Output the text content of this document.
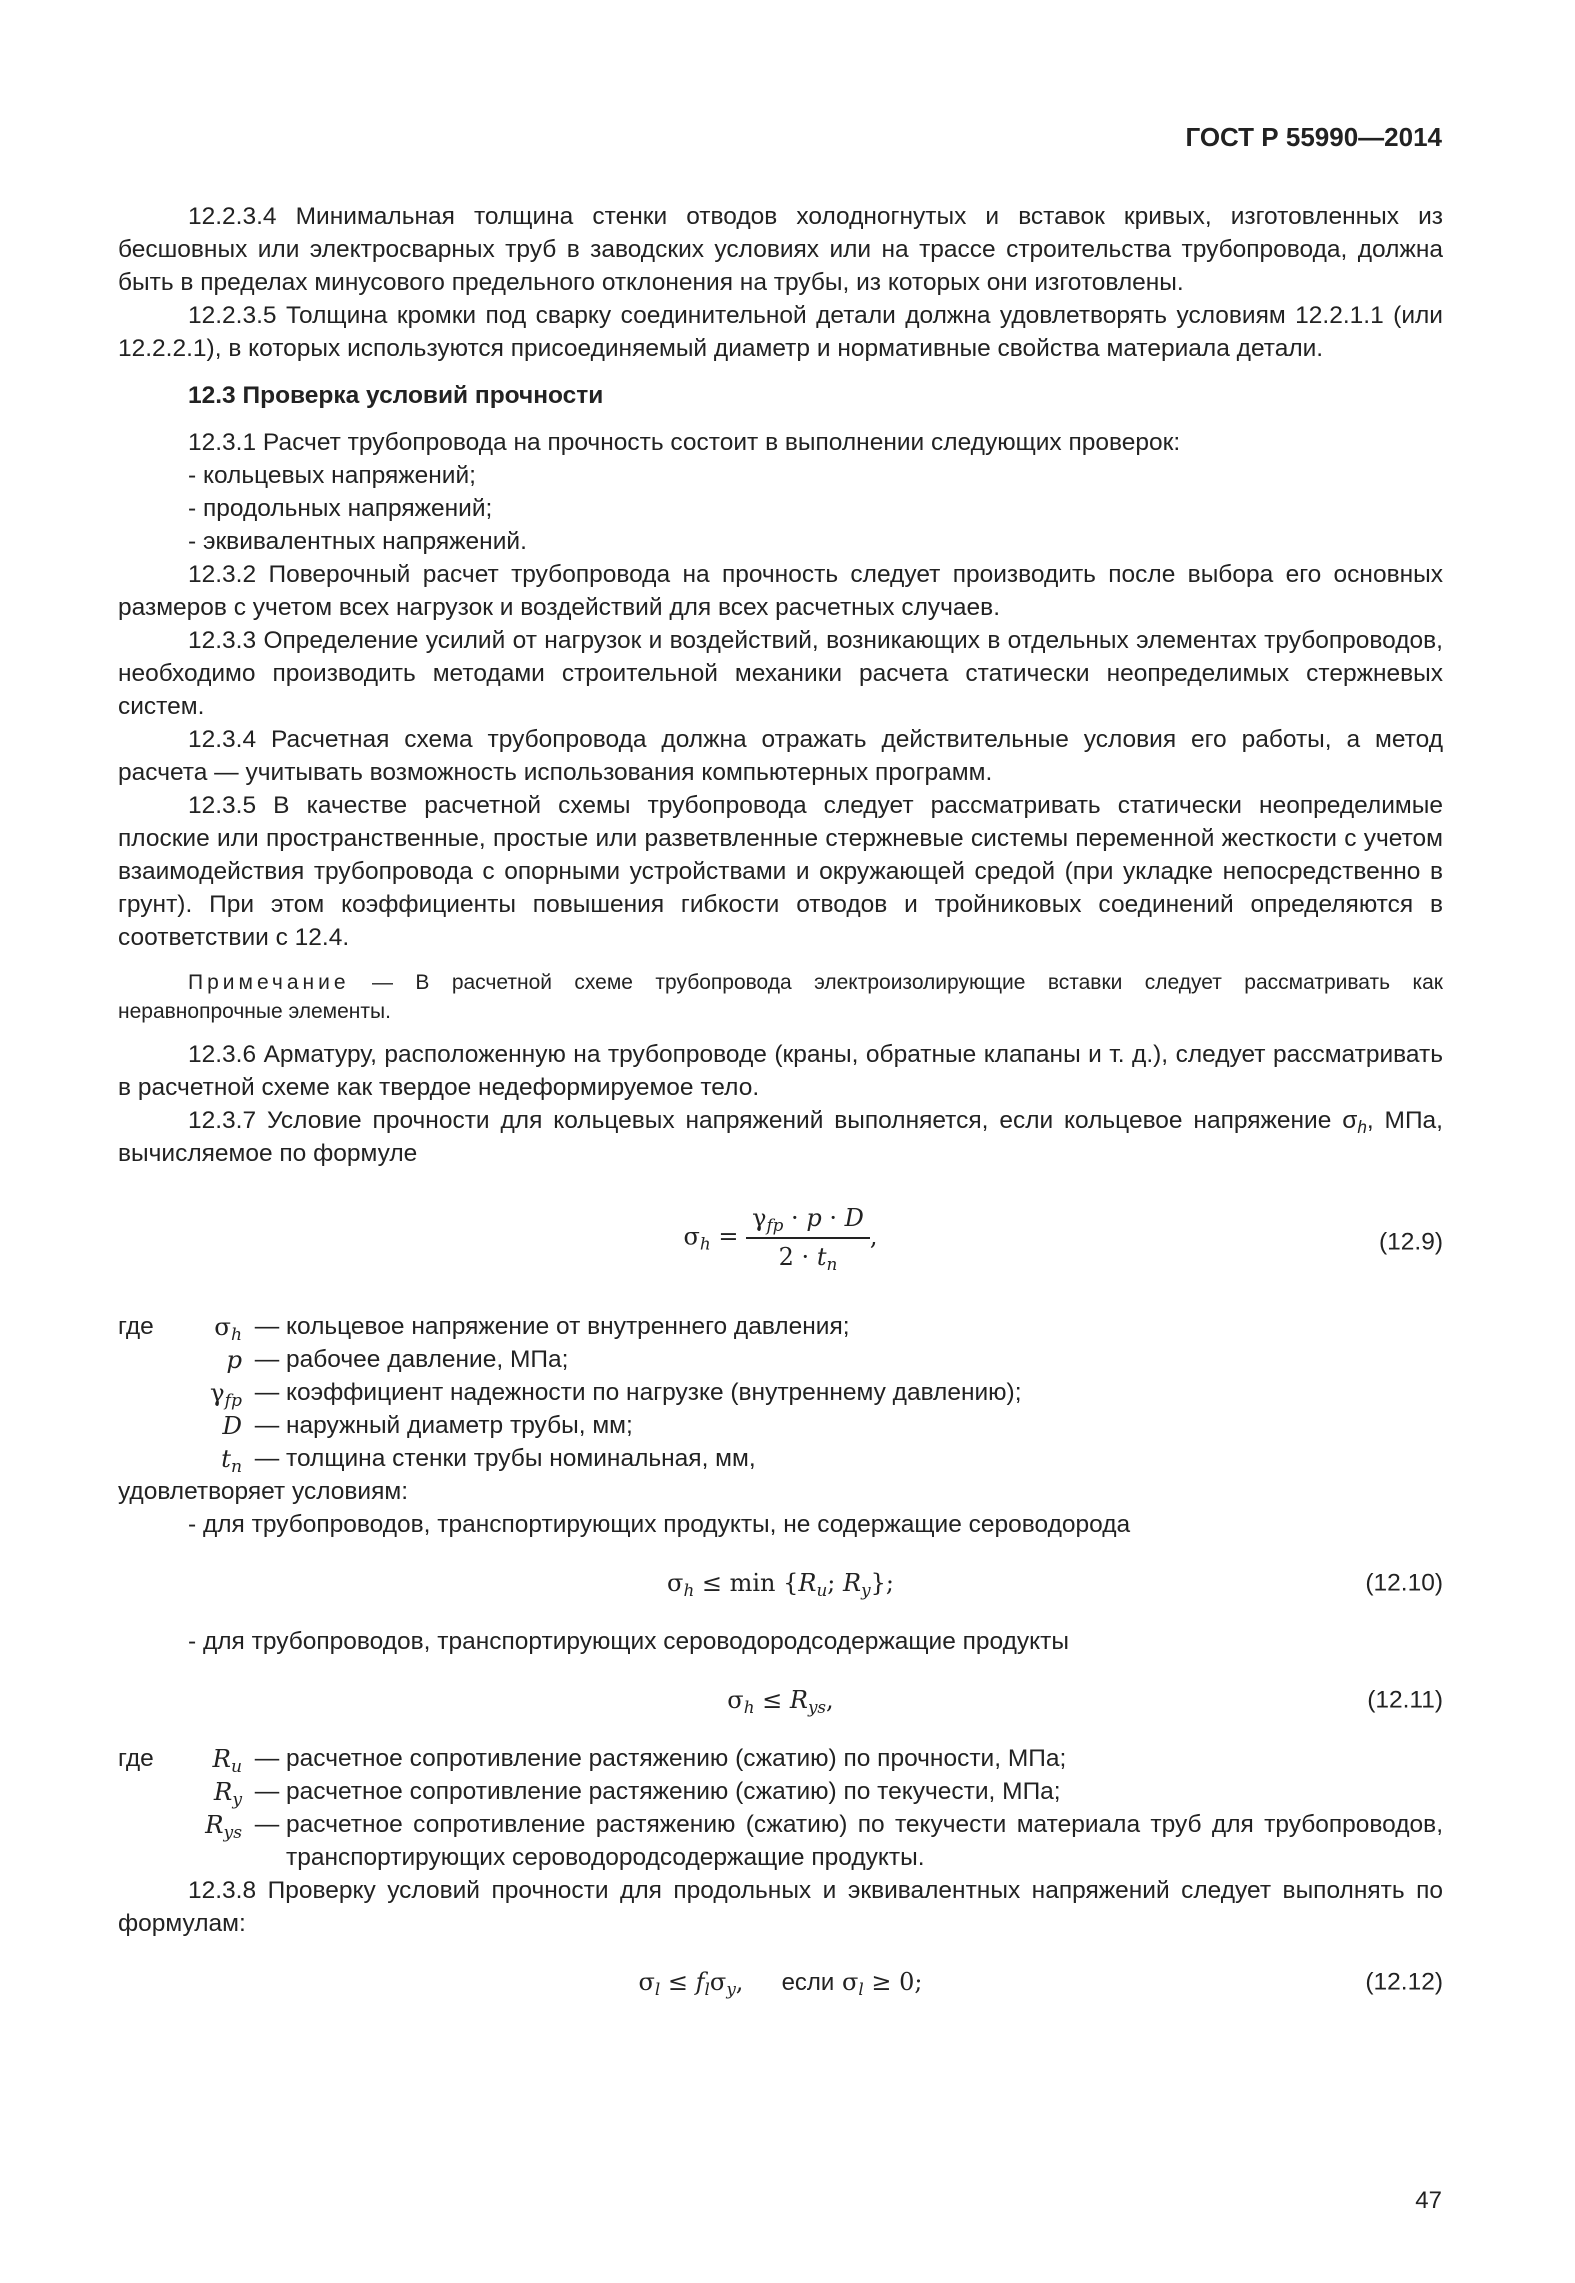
ГОСТ Р 55990—2014

12.2.3.4 Минимальная толщина стенки отводов холодногнутых и вставок кривых, изготовленных из бесшовных или электросварных труб в заводских условиях или на трассе строительства трубопровода, должна быть в пределах минусового предельного отклонения на трубы, из которых они изготовлены.

12.2.3.5 Толщина кромки под сварку соединительной детали должна удовлетворять условиям 12.2.1.1 (или 12.2.2.1), в которых используются присоединяемый диаметр и нормативные свойства материала детали.

12.3 Проверка условий прочности

12.3.1 Расчет трубопровода на прочность состоит в выполнении следующих проверок:

- кольцевых напряжений;

- продольных напряжений;

- эквивалентных напряжений.

12.3.2 Поверочный расчет трубопровода на прочность следует производить после выбора его основных размеров с учетом всех нагрузок и воздействий для всех расчетных случаев.

12.3.3 Определение усилий от нагрузок и воздействий, возникающих в отдельных элементах трубопроводов, необходимо производить методами строительной механики расчета статически неопределимых стержневых систем.

12.3.4 Расчетная схема трубопровода должна отражать действительные условия его работы, а метод расчета — учитывать возможность использования компьютерных программ.

12.3.5 В качестве расчетной схемы трубопровода следует рассматривать статически неопределимые плоские или пространственные, простые или разветвленные стержневые системы переменной жесткости с учетом взаимодействия трубопровода с опорными устройствами и окружающей средой (при укладке непосредственно в грунт). При этом коэффициенты повышения гибкости отводов и тройниковых соединений определяются в соответствии с 12.4.

Примечание — В расчетной схеме трубопровода электроизолирующие вставки следует рассматривать как неравнопрочные элементы.

12.3.6 Арматуру, расположенную на трубопроводе (краны, обратные клапаны и т. д.), следует рассматривать в расчетной схеме как твердое недеформируемое тело.

12.3.7 Условие прочности для кольцевых напряжений выполняется, если кольцевое напряжение $\sigma_h$, МПа, вычисляемое по формуле

$\sigma_h = \frac{\gamma_{fp} \cdot p \cdot D}{2 \cdot t_n}$ ,	(12.9)
где	$\sigma_h$ — кольцевое напряжение от внутреннего давления;
p — рабочее давление, МПа;
$\gamma_{fp}$ — коэффициент надежности по нагрузке (внутреннему давлению);
D — наружный диаметр трубы, мм;
$t_n$ — толщина стенки трубы номинальная, мм,

удовлетворяет условиям:

- для трубопроводов, транспортирующих продукты, не содержащие сероводорода

$\sigma_h \le \min \{R_u$; $R_y$};	(12.10)

- для трубопроводов, транспортирующих сероводородсодержащие продукты

$\sigma_h \le R_{ys}$,	(12.11)
где	$R_u$ — расчетное сопротивление растяжению (сжатию) по прочности, МПа;
$R_y$ — расчетное сопротивление растяжению (сжатию) по текучести, МПа;
$R_{ys}$ — расчетное сопротивление растяжению (сжатию) по текучести материала труб для трубопроводов, транспортирующих сероводородсодержащие продукты.

12.3.8 Проверку условий прочности для продольных и эквивалентных напряжений следует выполнять по формулам:

$\sigma_l \le f_l\sigma_y$,     если $\sigma_l \ge 0$;	(12.12)
47
